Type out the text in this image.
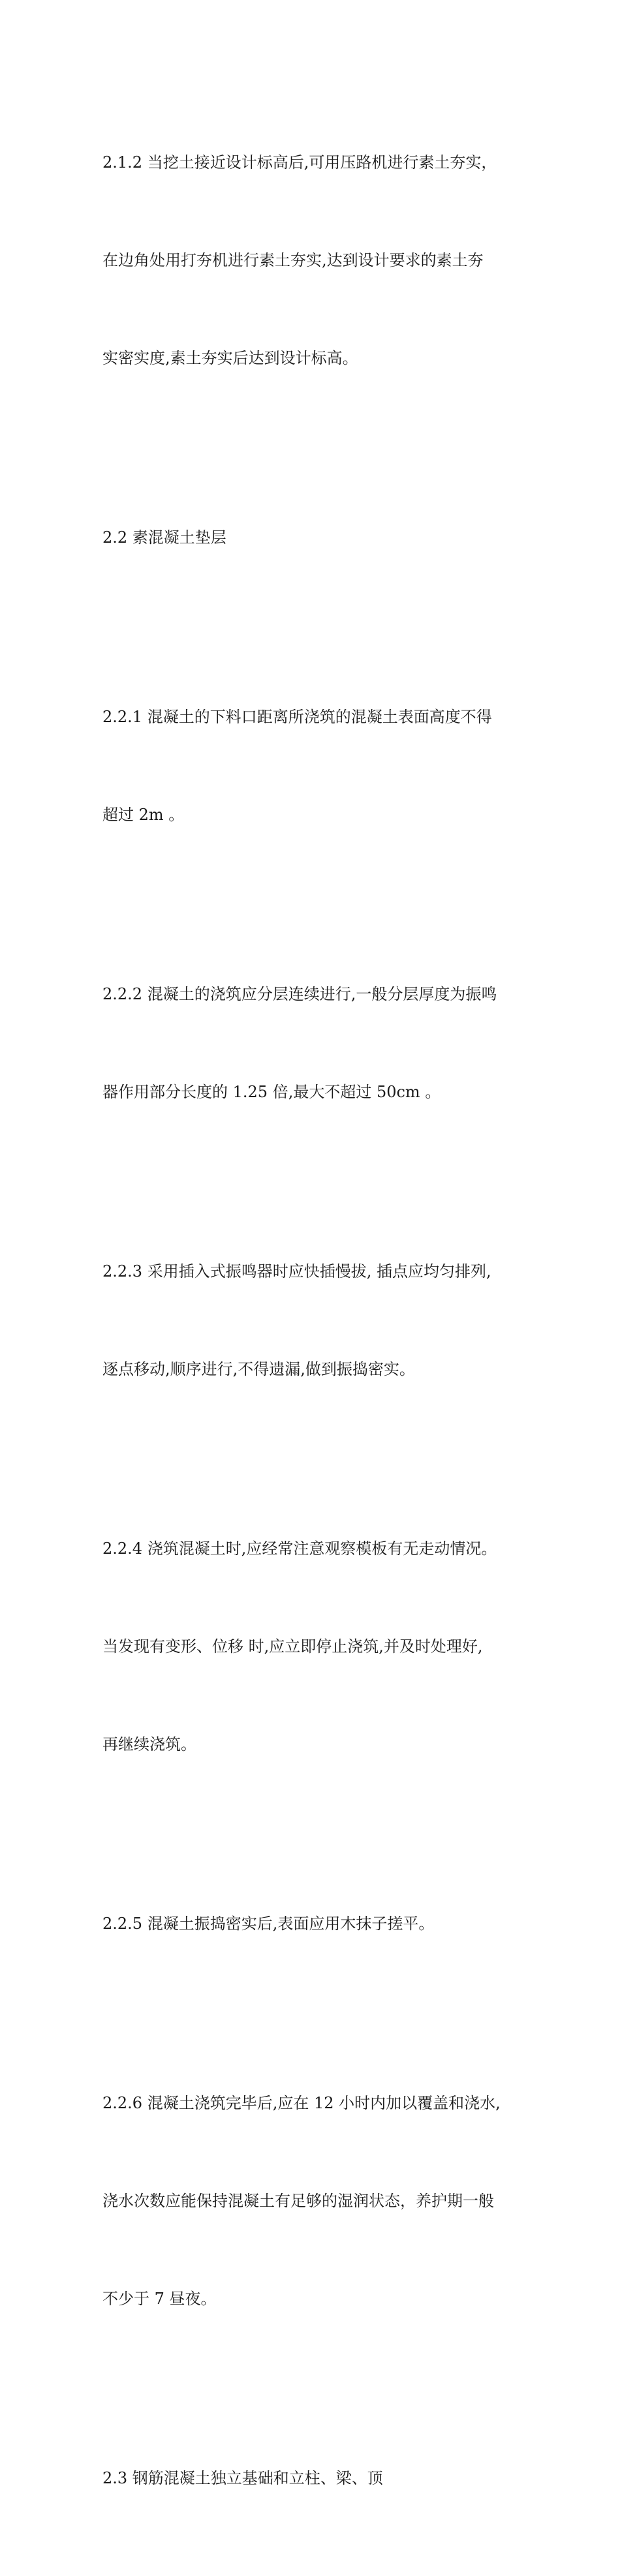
2.1.2 当挖土接近设计标高后,可用压路机进行素土夯实，

在边角处用打夯机进行素土夯实,达到设计要求的素土夯

实密实度,素土夯实后达到设计标高。

2.2 素混凝土垫层

2.2.1 混凝土的下料口距离所浇筑的混凝土表面高度不得

超过 2m 。

2.2.2 混凝土的浇筑应分层连续进行,一般分层厚度为振鸣

器作用部分长度的 1.25 倍,最大不超过 50cm 。

2.2.3 采用插入式振鸣器时应快插慢拔, 插点应均匀排列,

逐点移动,顺序进行,不得遗漏,做到振捣密实。

2.2.4 浇筑混凝土时,应经常注意观察模板有无走动情况。

当发现有变形、位移 时,应立即停止浇筑,并及时处理好,

再继续浇筑。

2.2.5 混凝土振捣密实后,表面应用木抹子搓平。

2.2.6 混凝土浇筑完毕后,应在 12 小时内加以覆盖和浇水,

浇水次数应能保持混凝土有足够的湿润状态，养护期一般

不少于 7 昼夜。

2.3 钢筋混凝土独立基础和立柱、梁、顶
